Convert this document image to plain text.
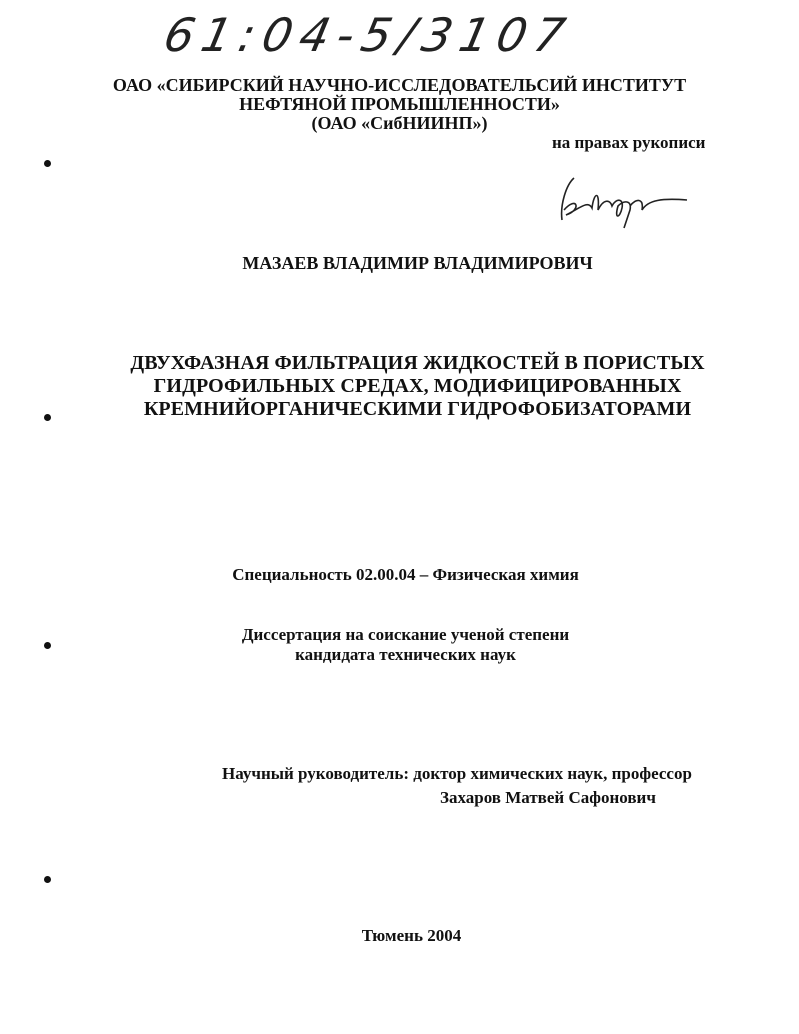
61:04-5/3107
ОАО «СИБИРСКИЙ НАУЧНО-ИССЛЕДОВАТЕЛЬСИЙ ИНСТИТУТ
НЕФТЯНОЙ ПРОМЫШЛЕННОСТИ»
(ОАО «СибНИИНП»)
на правах рукописи
МАЗАЕВ ВЛАДИМИР ВЛАДИМИРОВИЧ
ДВУХФАЗНАЯ ФИЛЬТРАЦИЯ ЖИДКОСТЕЙ В ПОРИСТЫХ
ГИДРОФИЛЬНЫХ СРЕДАХ, МОДИФИЦИРОВАННЫХ
КРЕМНИЙОРГАНИЧЕСКИМИ ГИДРОФОБИЗАТОРАМИ
Специальность 02.00.04 – Физическая химия
Диссертация на соискание ученой степени
кандидата технических наук
Научный руководитель: доктор химических наук, профессор
Захаров Матвей Сафонович
Тюмень 2004
